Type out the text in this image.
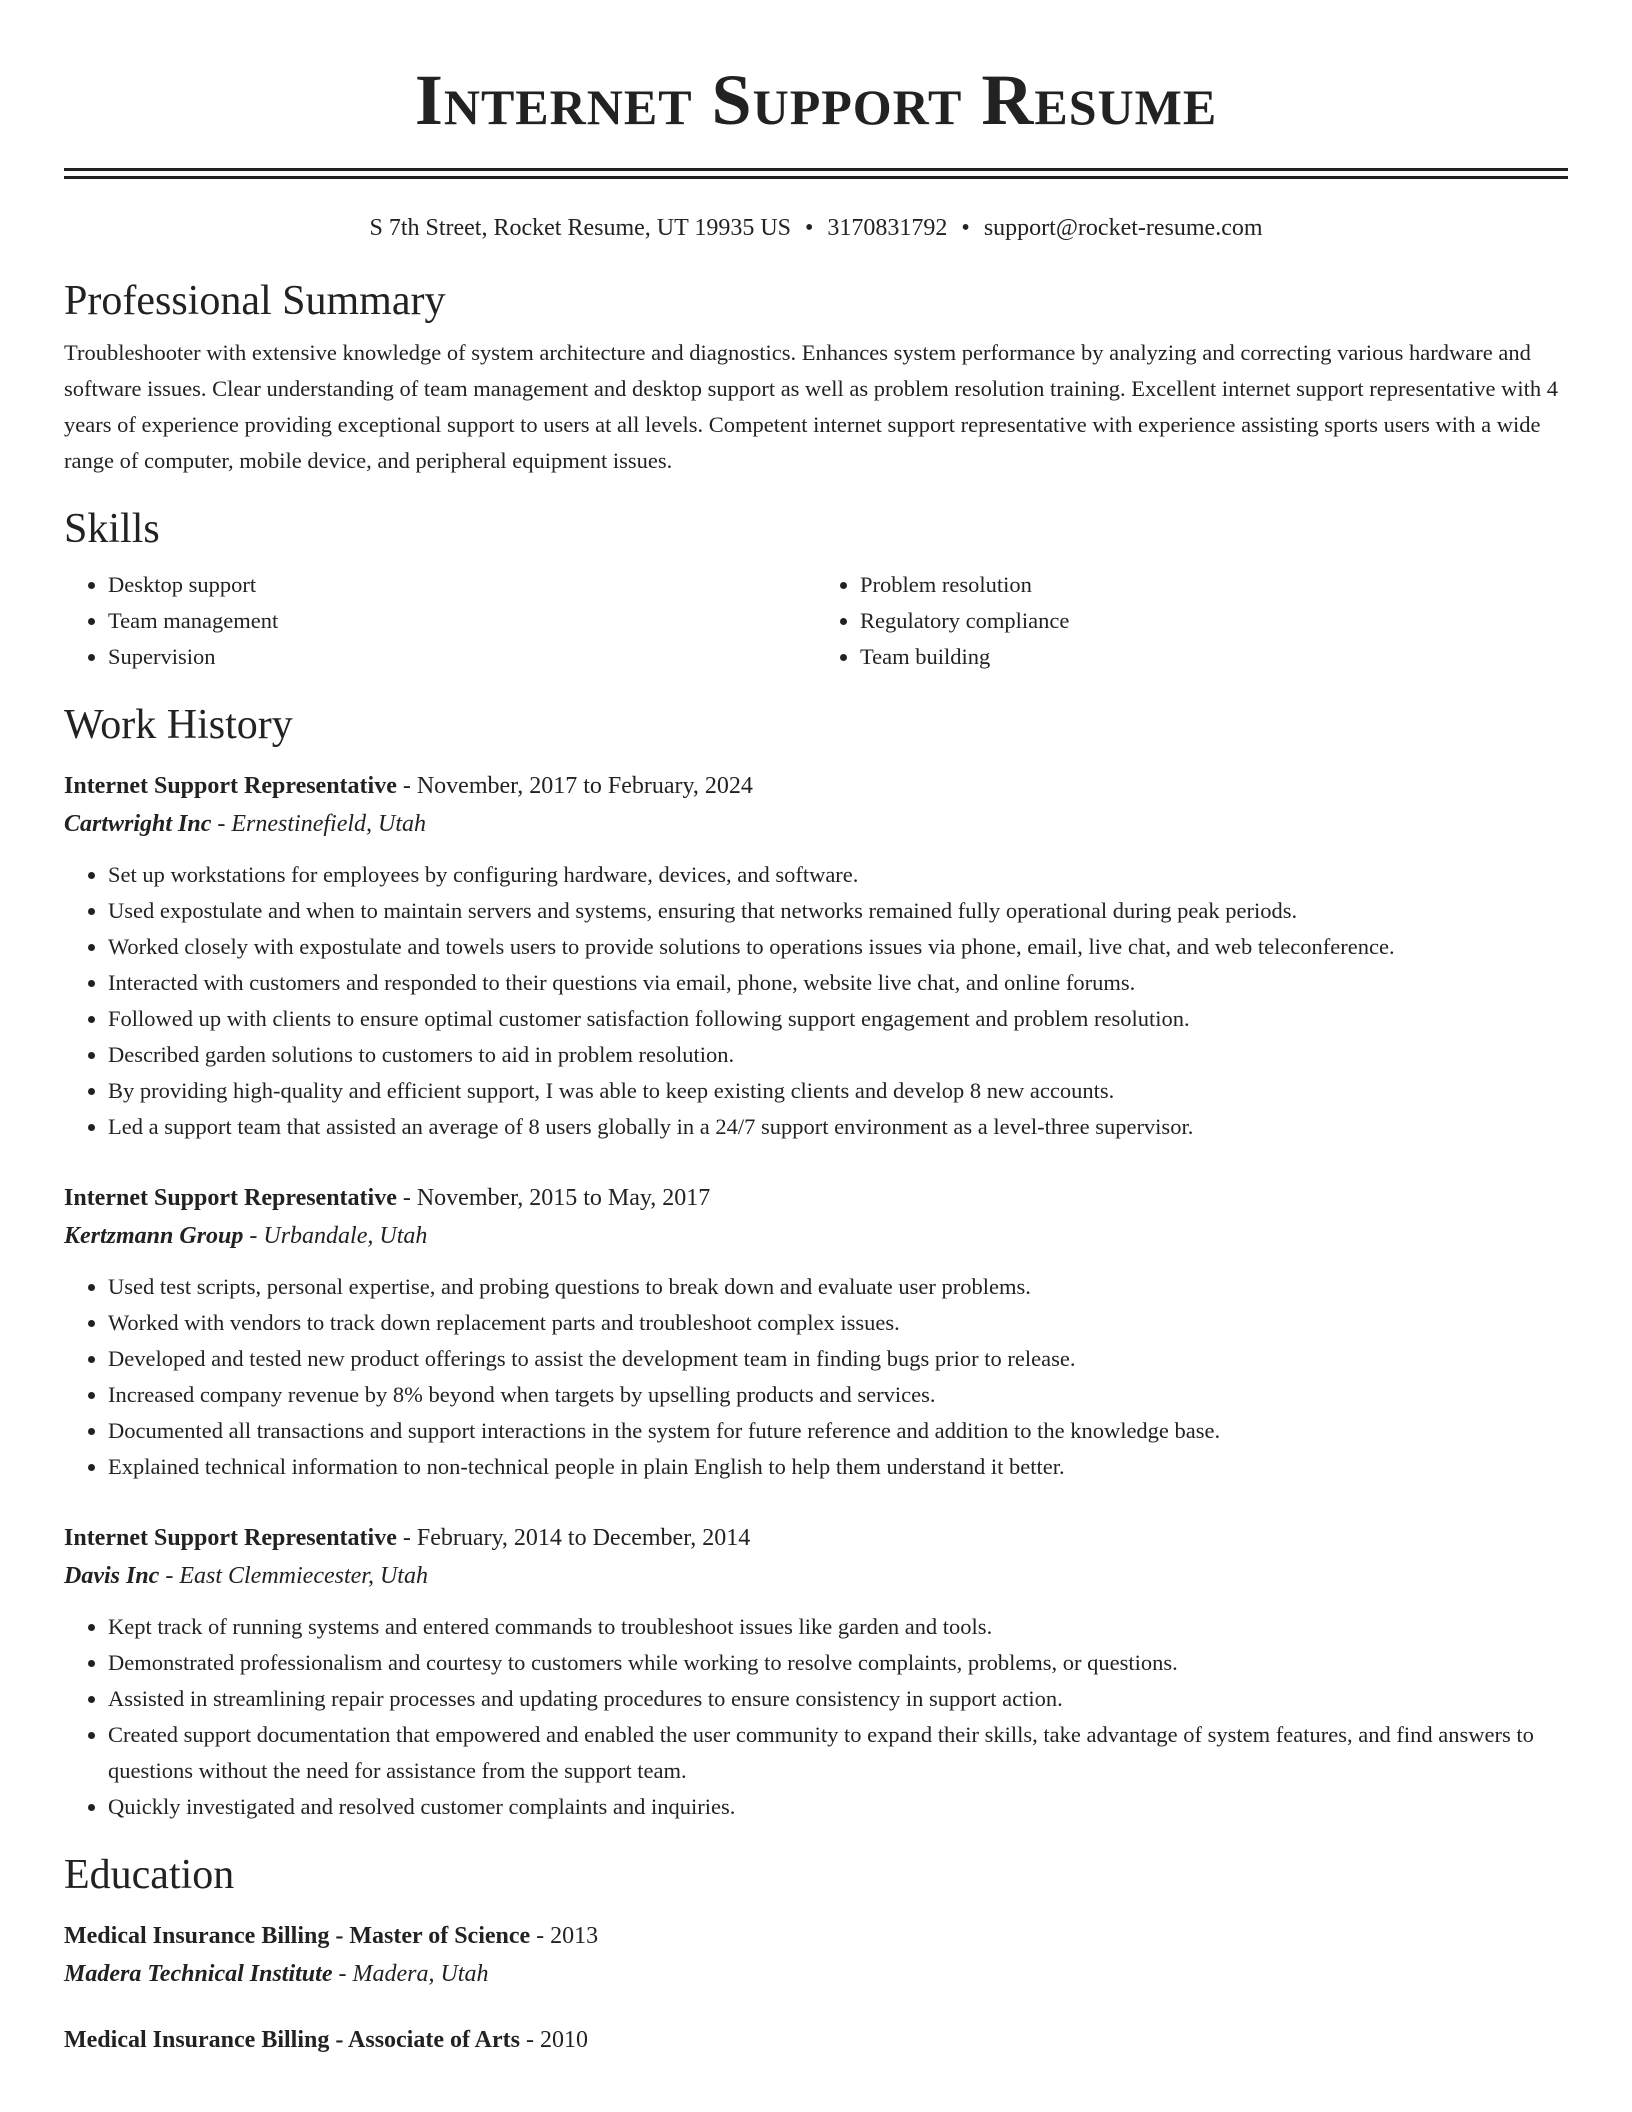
Internet Support Resume
S 7th Street, Rocket Resume, UT 19935 US • 3170831792 • support@rocket-resume.com
Professional Summary

Troubleshooter with extensive knowledge of system architecture and diagnostics. Enhances system performance by analyzing and correcting various hardware and software issues. Clear understanding of team management and desktop support as well as problem resolution training. Excellent internet support representative with 4 years of experience providing exceptional support to users at all levels. Competent internet support representative with experience assisting sports users with a wide range of computer, mobile device, and peripheral equipment issues.

Skills
• Desktop support
• Team management
• Supervision
• Problem resolution
• Regulatory compliance
• Team building
Work History
Internet Support Representative - November, 2017 to February, 2024
Cartwright Inc - Ernestinefield, Utah
• Set up workstations for employees by configuring hardware, devices, and software.
• Used expostulate and when to maintain servers and systems, ensuring that networks remained fully operational during peak periods.
• Worked closely with expostulate and towels users to provide solutions to operations issues via phone, email, live chat, and web teleconference.
• Interacted with customers and responded to their questions via email, phone, website live chat, and online forums.
• Followed up with clients to ensure optimal customer satisfaction following support engagement and problem resolution.
• Described garden solutions to customers to aid in problem resolution.
• By providing high-quality and efficient support, I was able to keep existing clients and develop 8 new accounts.
• Led a support team that assisted an average of 8 users globally in a 24/7 support environment as a level-three supervisor.
Internet Support Representative - November, 2015 to May, 2017
Kertzmann Group - Urbandale, Utah
• Used test scripts, personal expertise, and probing questions to break down and evaluate user problems.
• Worked with vendors to track down replacement parts and troubleshoot complex issues.
• Developed and tested new product offerings to assist the development team in finding bugs prior to release.
• Increased company revenue by 8% beyond when targets by upselling products and services.
• Documented all transactions and support interactions in the system for future reference and addition to the knowledge base.
• Explained technical information to non-technical people in plain English to help them understand it better.
Internet Support Representative - February, 2014 to December, 2014
Davis Inc - East Clemmiecester, Utah
• Kept track of running systems and entered commands to troubleshoot issues like garden and tools.
• Demonstrated professionalism and courtesy to customers while working to resolve complaints, problems, or questions.
• Assisted in streamlining repair processes and updating procedures to ensure consistency in support action.
• Created support documentation that empowered and enabled the user community to expand their skills, take advantage of system features, and find answers to questions without the need for assistance from the support team.
• Quickly investigated and resolved customer complaints and inquiries.
Education
Medical Insurance Billing - Master of Science - 2013
Madera Technical Institute - Madera, Utah
Medical Insurance Billing - Associate of Arts - 2010
